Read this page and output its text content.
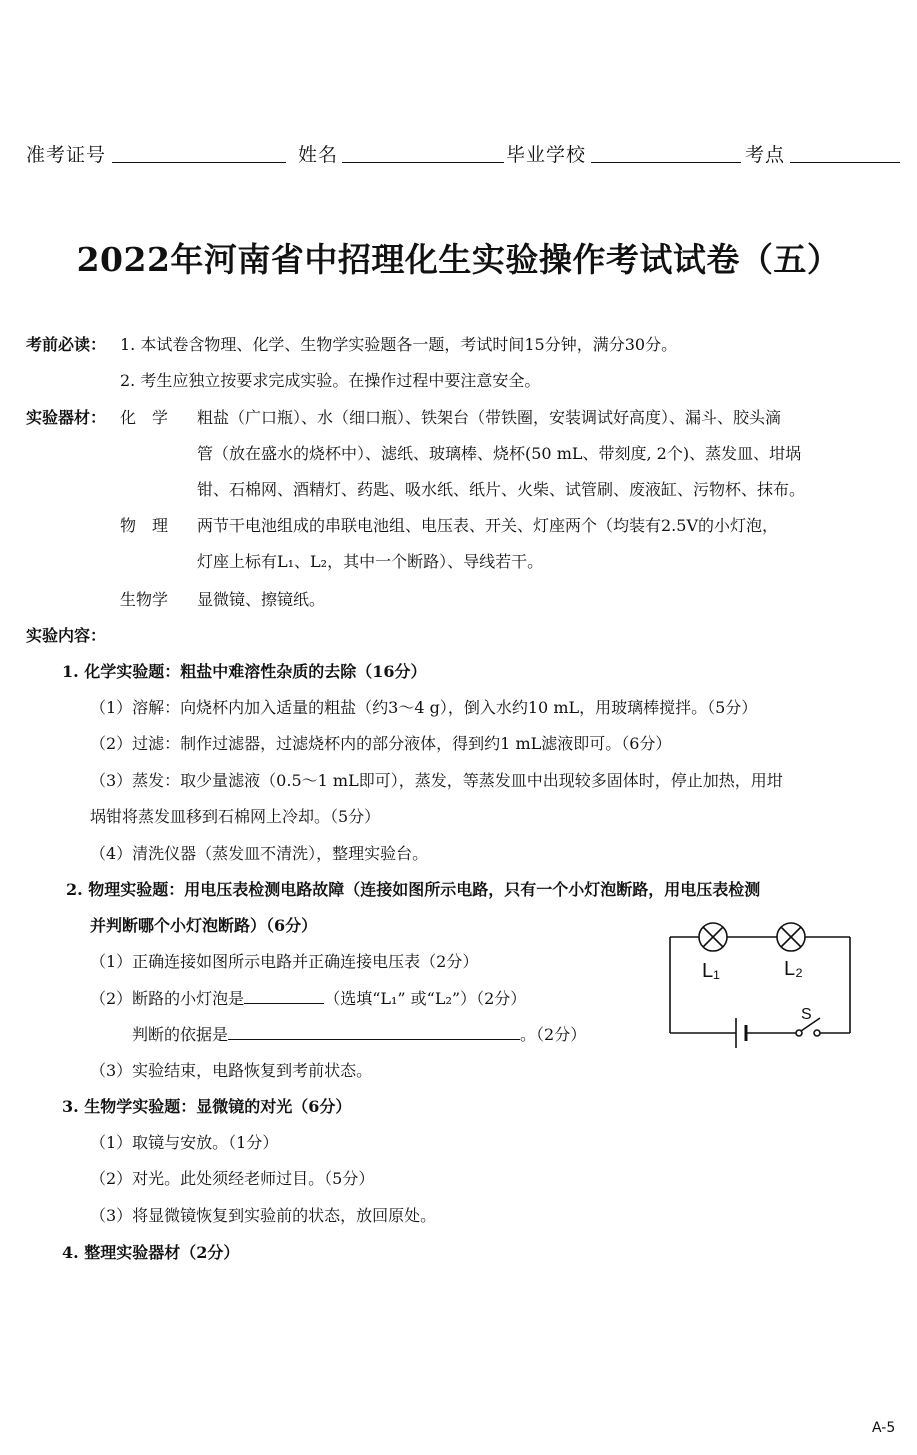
准考证号	姓名	毕业学校	考点
2022年河南省中招理化生实验操作考试试卷（五）
考前必读： 1. 本试卷含物理、化学、生物学实验题各一题，考试时间15分钟，满分30分。
2. 考生应独立按要求完成实验。在操作过程中要注意安全。
实验器材： 化　学 粗盐（广口瓶）、水（细口瓶）、铁架台（带铁圈，安装调试好高度）、漏斗、胶头滴
管（放在盛水的烧杯中）、滤纸、玻璃棒、烧杯(50 mL、带刻度, 2个)、蒸发皿、坩埚
钳、石棉网、酒精灯、药匙、吸水纸、纸片、火柴、试管刷、废液缸、污物杯、抹布。
物　理 两节干电池组成的串联电池组、电压表、开关、灯座两个（均装有2.5V的小灯泡，
灯座上标有L₁、L₂，其中一个断路）、导线若干。
生物学 显微镜、擦镜纸。
实验内容：
1. 化学实验题：粗盐中难溶性杂质的去除（16分）
（1）溶解：向烧杯内加入适量的粗盐（约3～4 g），倒入水约10 mL，用玻璃棒搅拌。（5分）
（2）过滤：制作过滤器，过滤烧杯内的部分液体，得到约1 mL滤液即可。（6分）
（3）蒸发：取少量滤液（0.5～1 mL即可），蒸发，等蒸发皿中出现较多固体时，停止加热，用坩
埚钳将蒸发皿移到石棉网上冷却。（5分）
（4）清洗仪器（蒸发皿不清洗），整理实验台。
2. 物理实验题：用电压表检测电路故障（连接如图所示电路，只有一个小灯泡断路，用电压表检测
并判断哪个小灯泡断路）（6分）
（1）正确连接如图所示电路并正确连接电压表（2分）
（2）断路的小灯泡是	（选填“L₁” 或“L₂”）（2分）
判断的依据是	。（2分）
（3）实验结束，电路恢复到考前状态。
L₁	L₂
S
3. 生物学实验题：显微镜的对光（6分）
（1）取镜与安放。（1分）
（2）对光。此处须经老师过目。（5分）
（3）将显微镜恢复到实验前的状态，放回原处。
4. 整理实验器材（2分）
A-5
